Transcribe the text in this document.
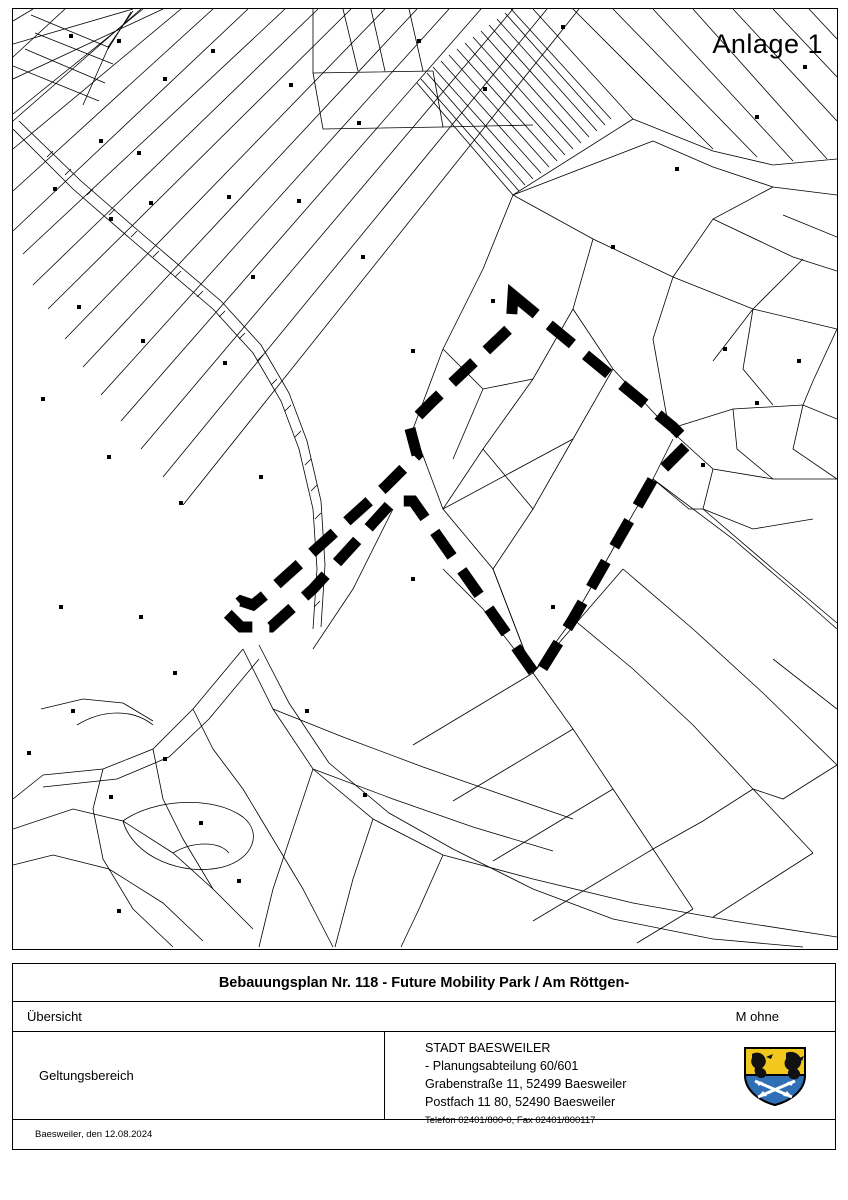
Anlage 1
Bebauungsplan Nr. 118 - Future Mobility Park / Am Röttgen-
Übersicht	M ohne
Geltungsbereich
STADT BAESWEILER
- Planungsabteilung 60/601
Grabenstraße 11, 52499 Baesweiler
Postfach 11 80, 52490 Baesweiler
Telefon 02401/800-0, Fax 02401/800117
Baesweiler, den 12.08.2024
